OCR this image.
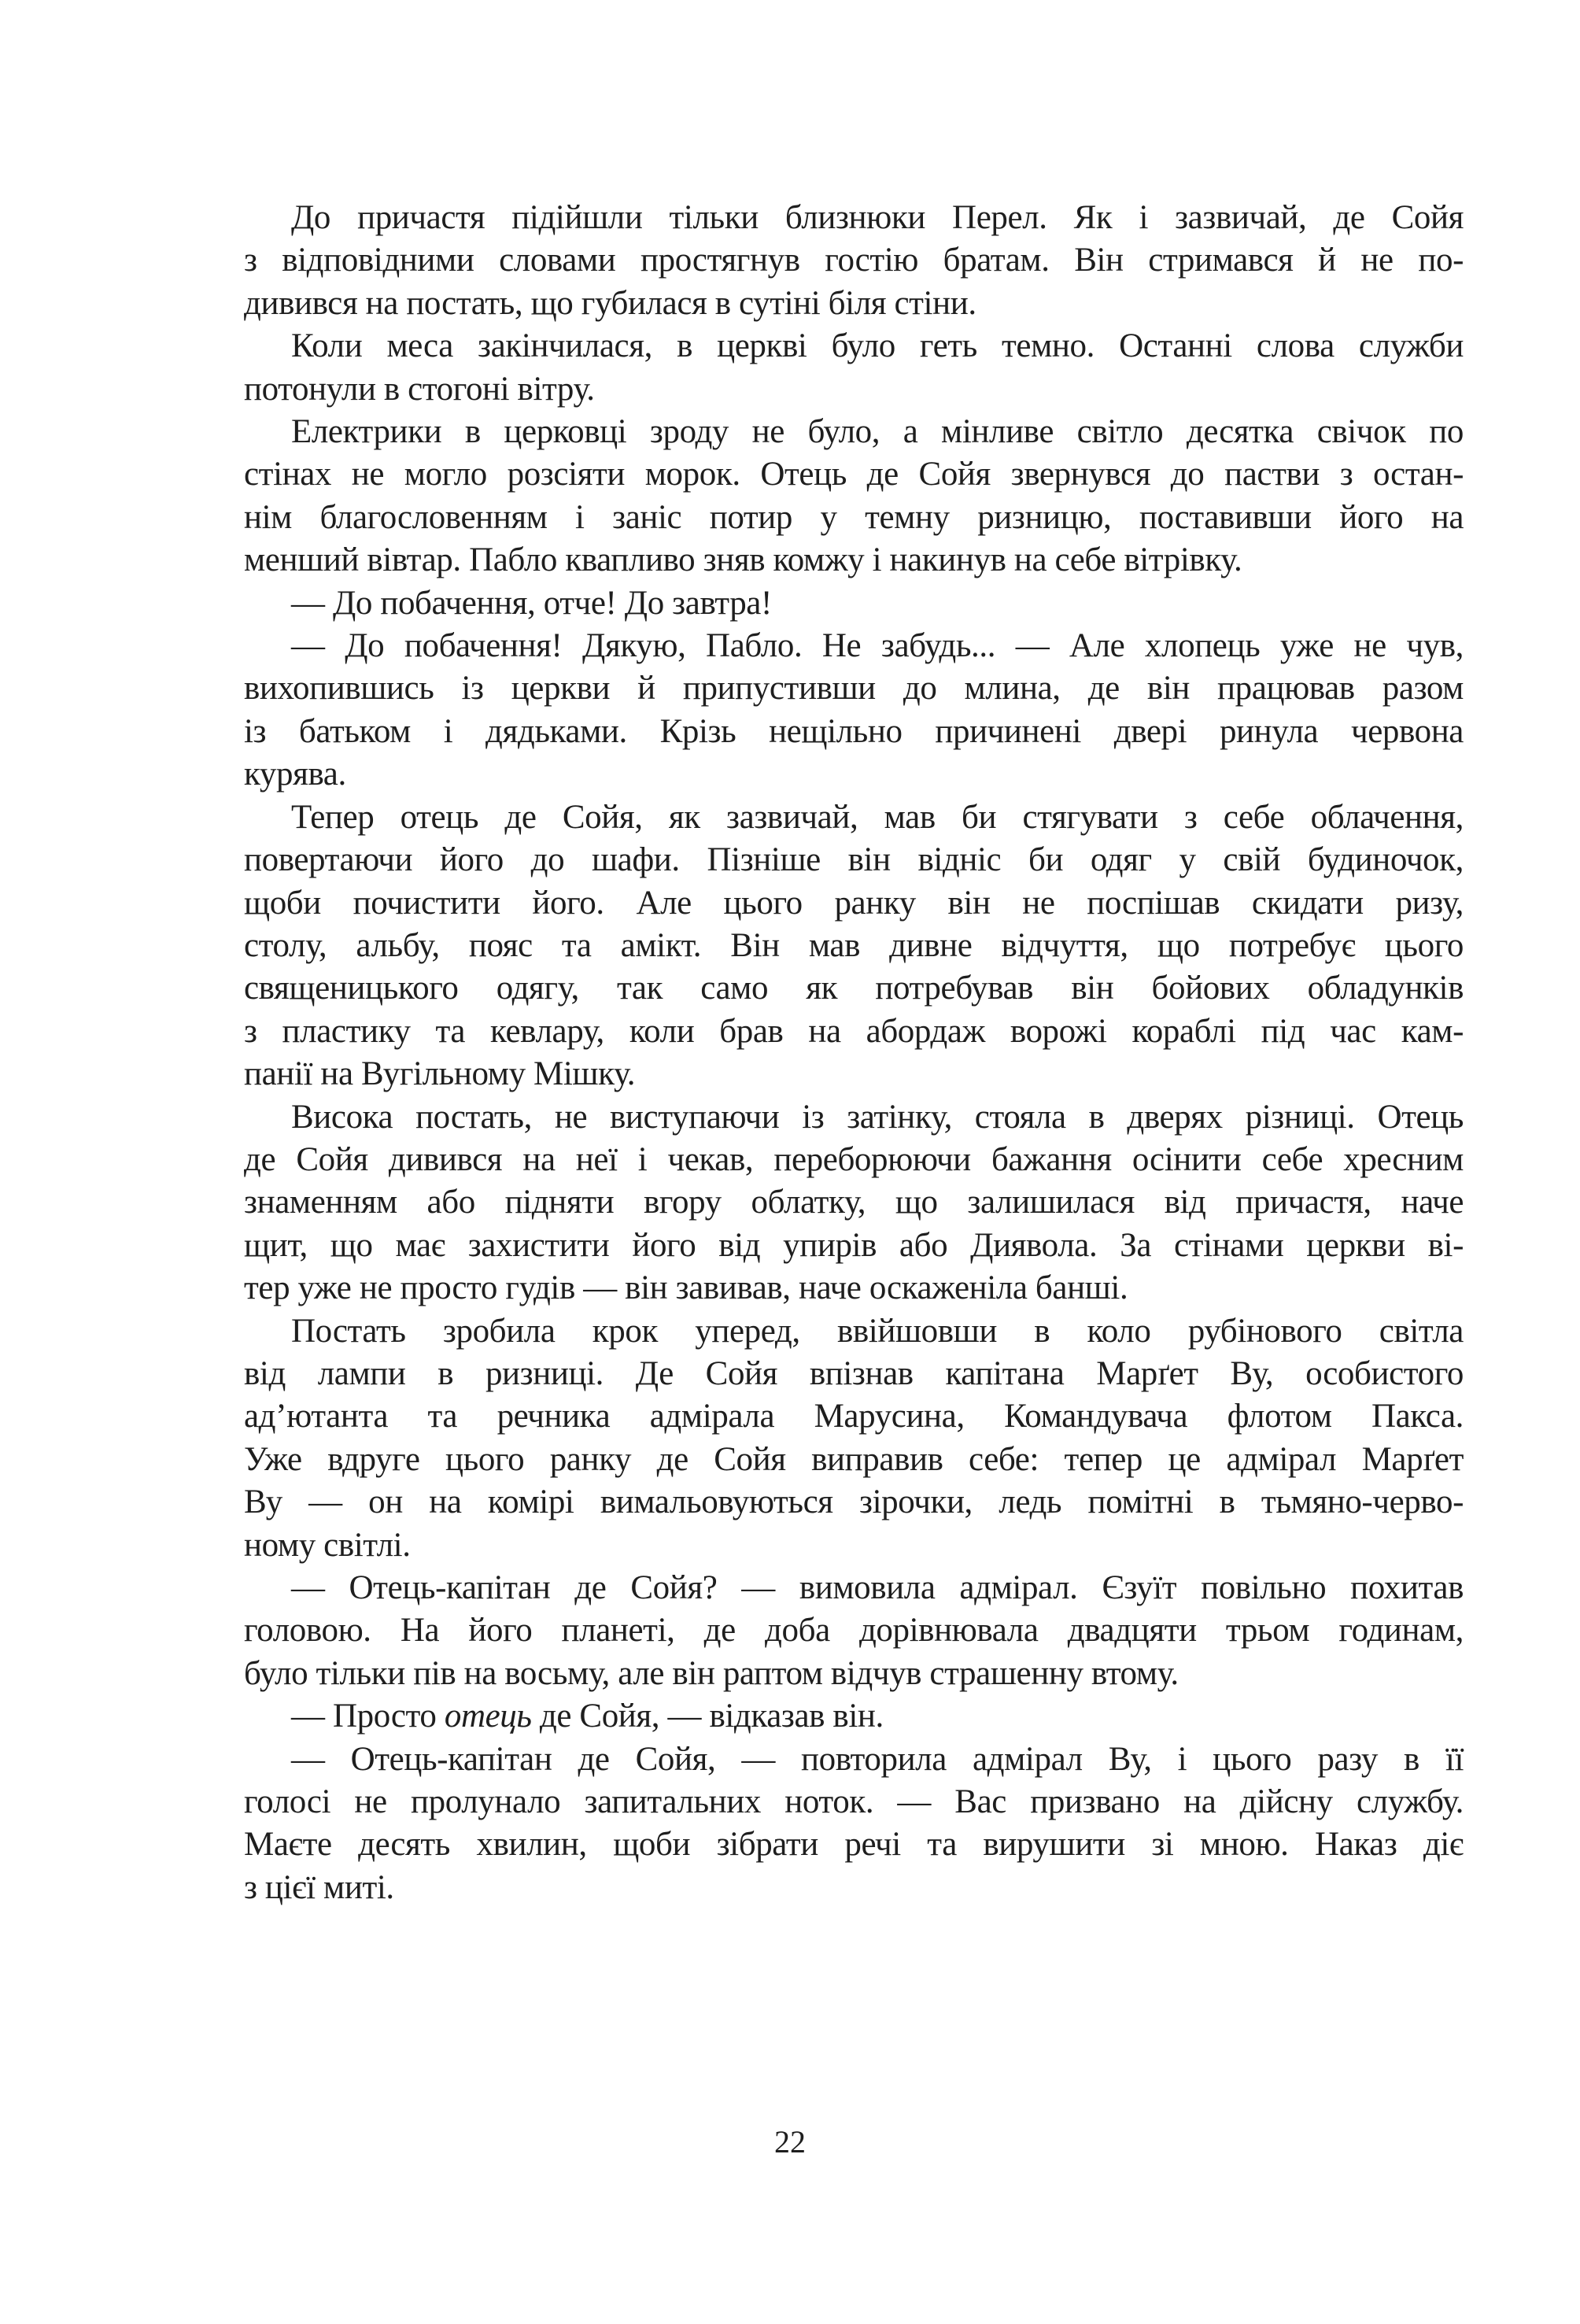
До причастя підійшли тільки близнюки Перел. Як і зазвичай, де Сойя
з відповідними словами простягнув гостію братам. Він стримався й не по-
дивився на постать, що губилася в сутіні біля стіни.

Коли меса закінчилася, в церкві було геть темно. Останні слова служби
потонули в стогоні вітру.

Електрики в церковці зроду не було, а мінливе світло десятка свічок по
стінах не могло розсіяти морок. Отець де Сойя звернувся до пастви з остан-
нім благословенням і заніс потир у темну ризницю, поставивши його на
менший вівтар. Пабло квапливо зняв комжу і накинув на себе вітрівку.

— До побачення, отче! До завтра!

— До побачення! Дякую, Пабло. Не забудь... — Але хлопець уже не чув,
вихопившись із церкви й припустивши до млина, де він працював разом
із батьком і дядьками. Крізь нещільно причинені двері ринула червона
курява.

Тепер отець де Сойя, як зазвичай, мав би стягувати з себе облачення,
повертаючи його до шафи. Пізніше він відніс би одяг у свій будиночок,
щоби почистити його. Але цього ранку він не поспішав скидати ризу,
столу, альбу, пояс та амікт. Він мав дивне відчуття, що потребує цього
священицького одягу, так само як потребував він бойових обладунків
з пластику та кевлару, коли брав на абордаж ворожі кораблі під час кам-
панії на Вугільному Мішку.

Висока постать, не виступаючи із затінку, стояла в дверях різниці. Отець
де Сойя дивився на неї і чекав, переборюючи бажання осінити себе хресним
знаменням або підняти вгору облатку, що залишилася від причастя, наче
щит, що має захистити його від упирів або Диявола. За стінами церкви ві-
тер уже не просто гудів — він завивав, наче оскаженіла банші.

Постать зробила крок уперед, ввійшовши в коло рубінового світла
від лампи в ризниці. Де Сойя впізнав капітана Марґет Ву, особистого
ад’ютанта та речника адмірала Марусина, Командувача флотом Пакса.
Уже вдруге цього ранку де Сойя виправив себе: тепер це адмірал Марґет
Ву — он на комірі вимальовуються зірочки, ледь помітні в тьмяно-черво-
ному світлі.

— Отець-капітан де Сойя? — вимовила адмірал. Єзуїт повільно похитав
головою. На його планеті, де доба дорівнювала двадцяти трьом годинам,
було тільки пів на восьму, але він раптом відчув страшенну втому.

— Просто отець де Сойя, — відказав він.

— Отець-капітан де Сойя, — повторила адмірал Ву, і цього разу в її
голосі не пролунало запитальних ноток. — Вас призвано на дійсну службу.
Маєте десять хвилин, щоби зібрати речі та вирушити зі мною. Наказ діє
з цієї миті.

22
